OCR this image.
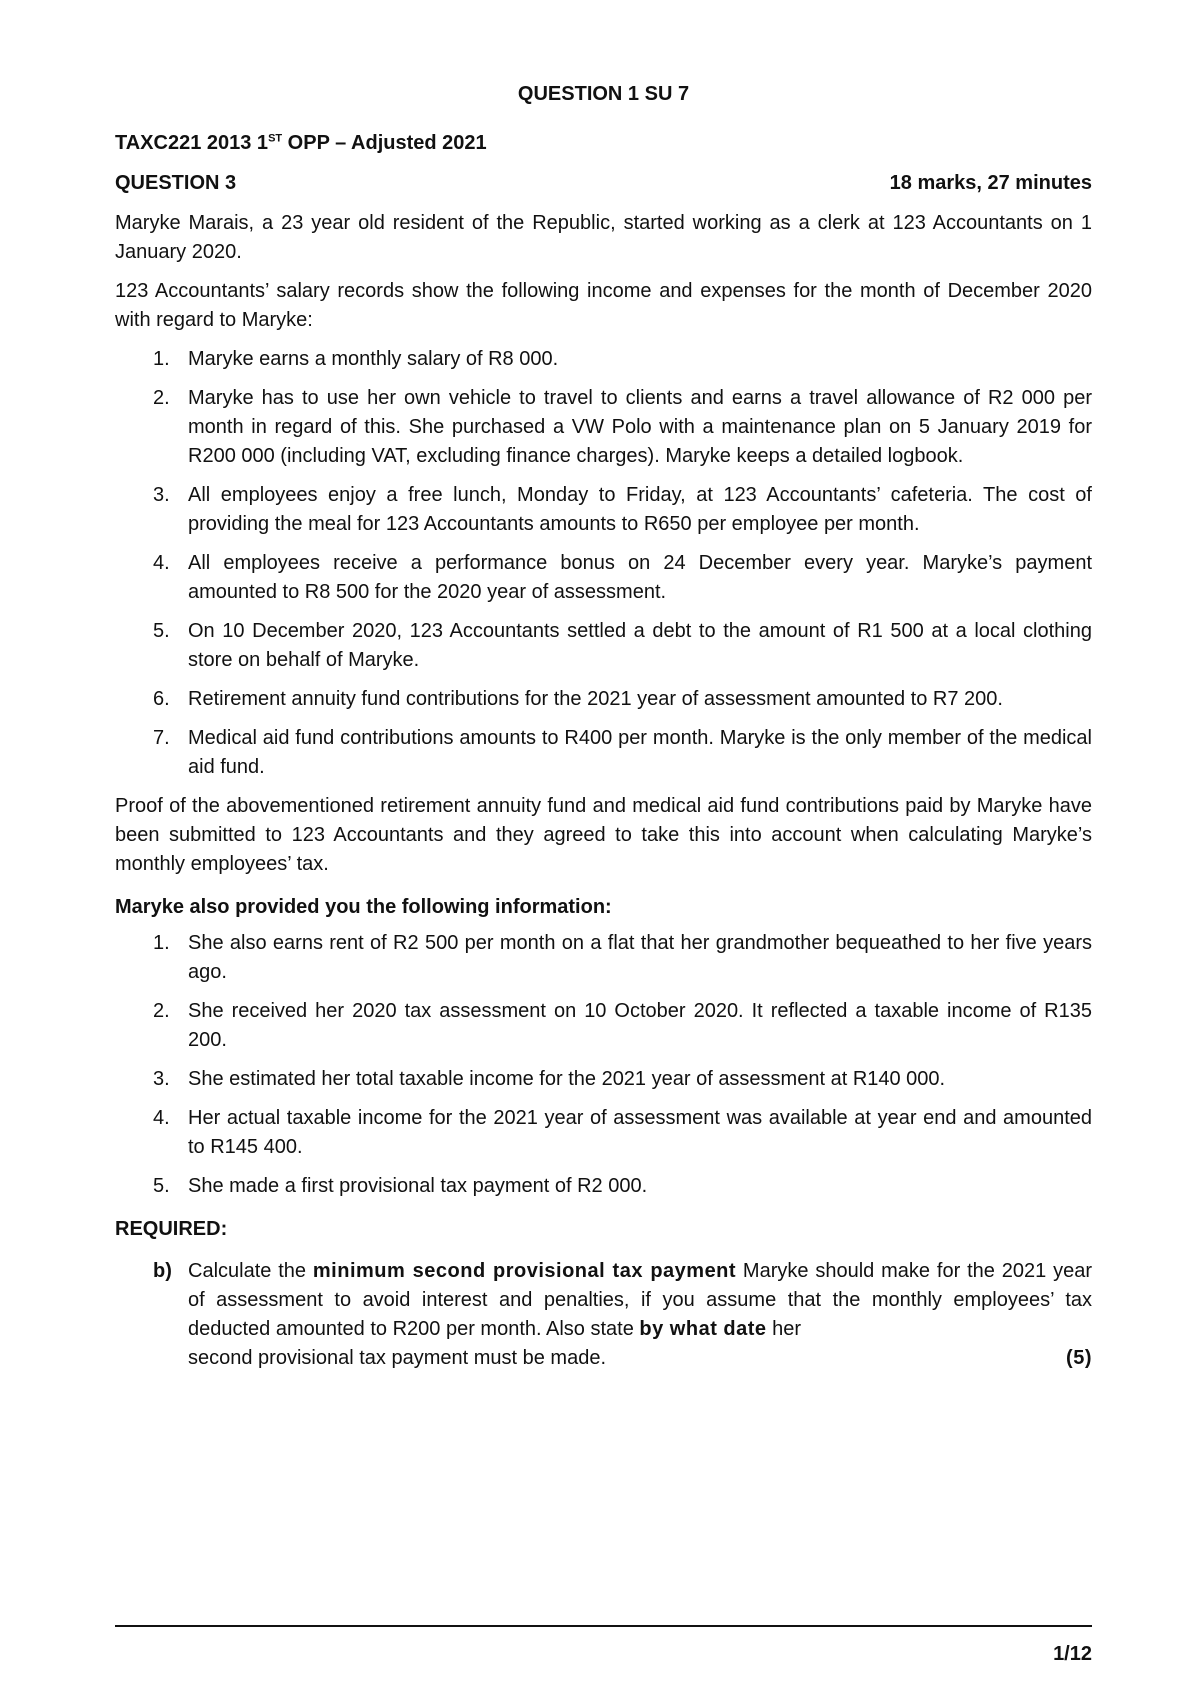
QUESTION 1 SU 7

TAXC221 2013 1ST OPP – Adjusted 2021

QUESTION 3	18 marks, 27 minutes

Maryke Marais, a 23 year old resident of the Republic, started working as a clerk at 123 Accountants on 1 January 2020.

123 Accountants’ salary records show the following income and expenses for the month of December 2020 with regard to Maryke:

1. Maryke earns a monthly salary of R8 000.
2. Maryke has to use her own vehicle to travel to clients and earns a travel allowance of R2 000 per month in regard of this. She purchased a VW Polo with a maintenance plan on 5 January 2019 for R200 000 (including VAT, excluding finance charges). Maryke keeps a detailed logbook.
3. All employees enjoy a free lunch, Monday to Friday, at 123 Accountants’ cafeteria. The cost of providing the meal for 123 Accountants amounts to R650 per employee per month.
4. All employees receive a performance bonus on 24 December every year. Maryke’s payment amounted to R8 500 for the 2020 year of assessment.
5. On 10 December 2020, 123 Accountants settled a debt to the amount of R1 500 at a local clothing store on behalf of Maryke.
6. Retirement annuity fund contributions for the 2021 year of assessment amounted to R7 200.
7. Medical aid fund contributions amounts to R400 per month. Maryke is the only member of the medical aid fund.

Proof of the abovementioned retirement annuity fund and medical aid fund contributions paid by Maryke have been submitted to 123 Accountants and they agreed to take this into account when calculating Maryke’s monthly employees’ tax.

Maryke also provided you the following information:

1. She also earns rent of R2 500 per month on a flat that her grandmother bequeathed to her five years ago.
2. She received her 2020 tax assessment on 10 October 2020. It reflected a taxable income of R135 200.
3. She estimated her total taxable income for the 2021 year of assessment at R140 000.
4. Her actual taxable income for the 2021 year of assessment was available at year end and amounted to R145 400.
5. She made a first provisional tax payment of R2 000.

REQUIRED:

b) Calculate the minimum second provisional tax payment Maryke should make for the 2021 year of assessment to avoid interest and penalties, if you assume that the monthly employees’ tax deducted amounted to R200 per month. Also state by what date her
second provisional tax payment must be made.	(5)
1/12
